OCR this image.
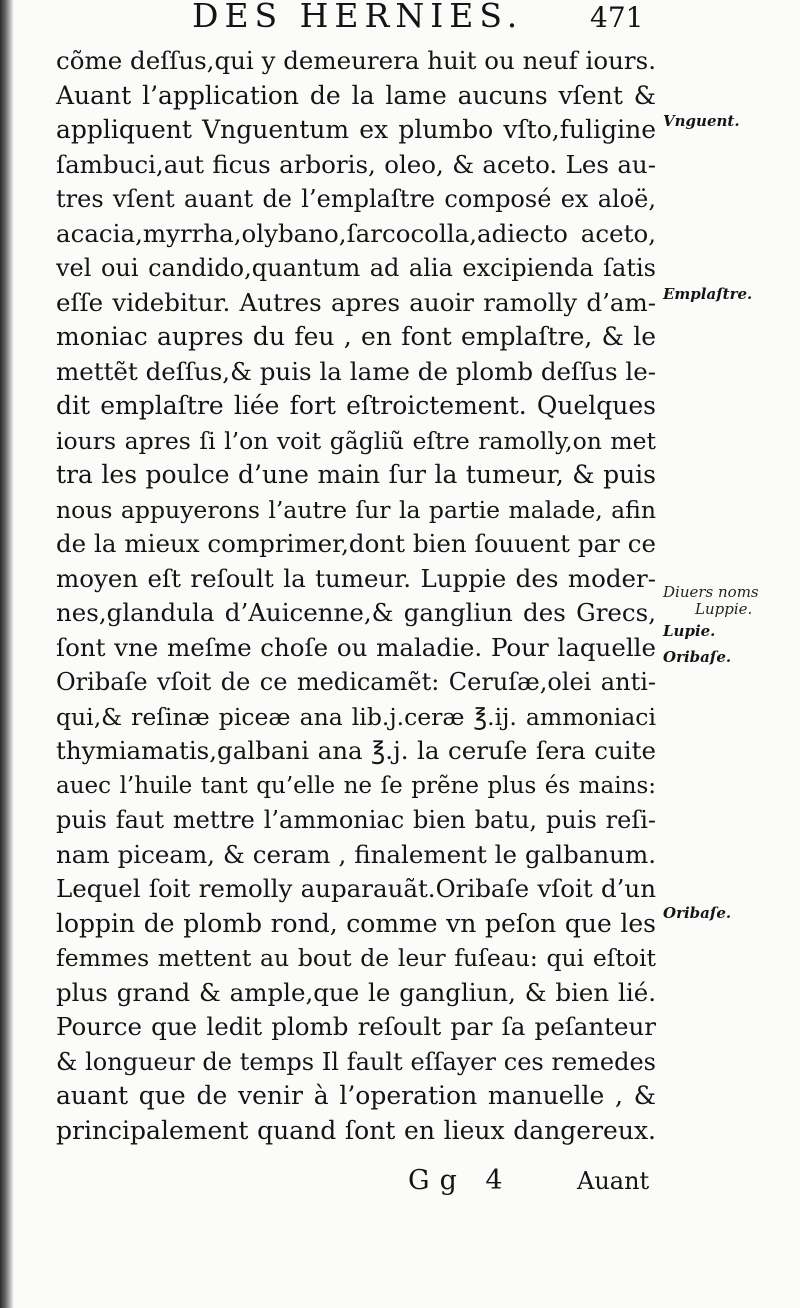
DES HERNIES. 471
cõme deſſus,qui y demeurera huit ou neuf iours.
Auant l’application de la lame aucuns vſent &
appliquent Vnguentum ex plumbo vſto,fuligine
ſambuci,aut ficus arboris, oleo, & aceto. Les au-
tres vſent auant de l’emplaſtre composé ex aloë,
acacia,myrrha,olybano,ſarcocolla,adiecto aceto,
vel oui candido,quantum ad alia excipienda ſatis
eſſe videbitur. Autres apres auoir ramolly d’am-
moniac aupres du feu , en font emplaſtre, & le
mettẽt deſſus,& puis la lame de plomb deſſus le-
dit emplaſtre liée fort eſtroictement. Quelques
iours apres ſi l’on voit gãgliũ eſtre ramolly,on met
tra les poulce d’une main ſur la tumeur, & puis
nous appuyerons l’autre ſur la partie malade, afin
de la mieux comprimer,dont bien ſouuent par ce
moyen eſt reſoult la tumeur. Luppie des moder-
nes,glandula d’Auicenne,& gangliun des Grecs,
ſont vne meſme choſe ou maladie. Pour laquelle
Oribaſe vſoit de ce medicamẽt: Ceruſæ,olei anti-
qui,& reſinæ piceæ ana lib.j.ceræ ℥.ij. ammoniaci
thymiamatis,galbani ana ℥.j. la ceruſe ſera cuite
auec l’huile tant qu’elle ne ſe prẽne plus és mains:
puis faut mettre l’ammoniac bien batu, puis reſi-
nam piceam, & ceram , finalement le galbanum.
Lequel ſoit remolly auparauãt.Oribaſe vſoit d’un
loppin de plomb rond, comme vn peſon que les
femmes mettent au bout de leur fuſeau: qui eſtoit
plus grand & ample,que le gangliun, & bien lié.
Pource que ledit plomb reſoult par ſa peſanteur
& longueur de temps Il fault eſſayer ces remedes
auant que de venir à l’operation manuelle , &
principalement quand ſont en lieux dangereux.
Vnguent.
Emplaſtre.
Diuers noms
Luppie.
Lupie.
Oribaſe.
Oribaſe.
Gg 4	Auant
